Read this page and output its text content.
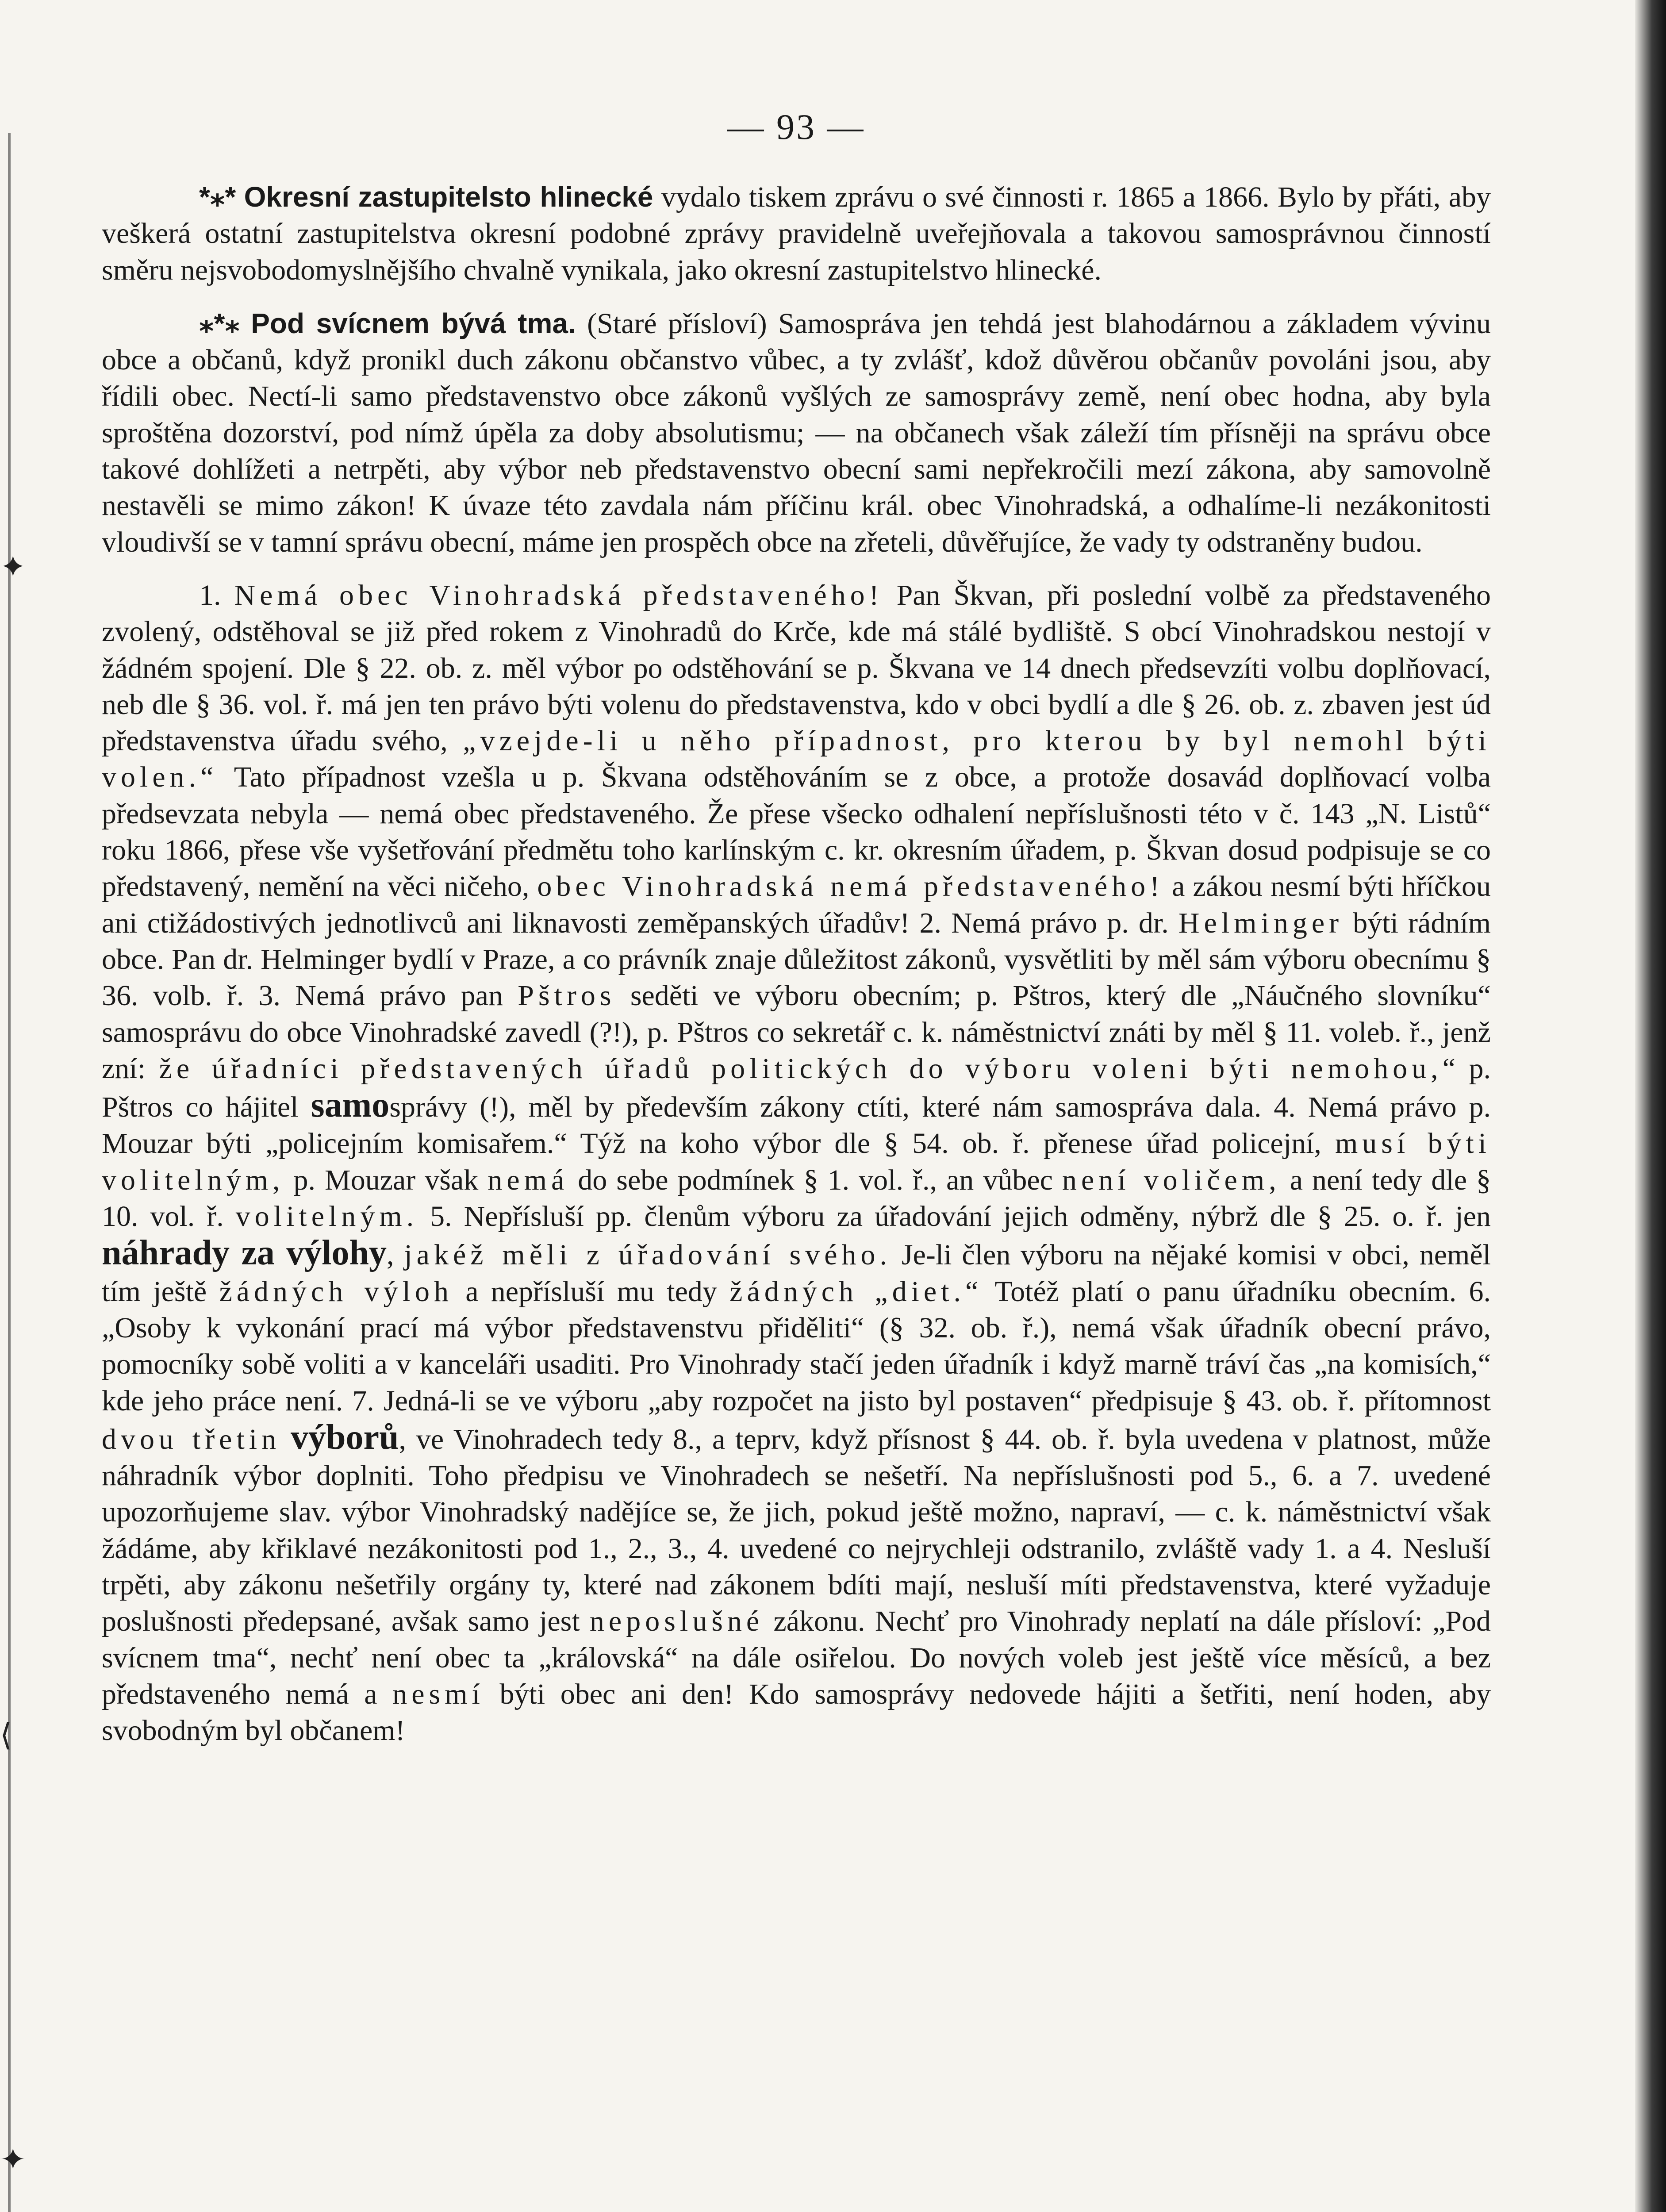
✦
⟨
✦
— 93 —

*⁎* Okresní zastupitelsto hlinecké vydalo tiskem zprávu o své činnosti r. 1865 a 1866. Bylo by přáti, aby veškerá ostatní zastupitelstva okresní podobné zprávy pravidelně uveřejňovala a takovou samosprávnou činností směru nejsvobodomyslnějšího chvalně vynikala, jako okresní zastupitelstvo hlinecké.

⁎*⁎ Pod svícnem bývá tma. (Staré přísloví) Samospráva jen tehdá jest blahodárnou a základem vývinu obce a občanů, když pronikl duch zákonu občanstvo vůbec, a ty zvlášť, kdož důvěrou občanův povoláni jsou, aby řídili obec. Nectí-li samo představenstvo obce zákonů vyšlých ze samosprávy země, není obec hodna, aby byla sproštěna dozorství, pod nímž úpěla za doby absolutismu; — na občanech však záleží tím přísněji na správu obce takové dohlížeti a netrpěti, aby výbor neb představenstvo obecní sami nepřekročili mezí zákona, aby samovolně nestavěli se mimo zákon! K úvaze této zavdala nám příčinu král. obec Vinohradská, a odhalíme-li nezákonitosti vloudivší se v tamní správu obecní, máme jen prospěch obce na zřeteli, důvěřujíce, že vady ty odstraněny budou.

1. Nemá obec Vinohradská představeného! Pan Škvan, při poslední volbě za představeného zvolený, odstěhoval se již před rokem z Vinohradů do Krče, kde má stálé bydliště. S obcí Vinohradskou nestojí v žádném spojení. Dle § 22. ob. z. měl výbor po odstěhování se p. Škvana ve 14 dnech předsevzíti volbu doplňovací, neb dle § 36. vol. ř. má jen ten právo býti volenu do představenstva, kdo v obci bydlí a dle § 26. ob. z. zbaven jest úd představenstva úřadu svého, „vzejde-li u něho případnost, pro kterou by byl nemohl býti volen.“ Tato případnost vzešla u p. Škvana odstěhováním se z obce, a protože dosavád doplňovací volba předsevzata nebyla — nemá obec představeného. Že přese všecko odhalení nepříslušnosti této v č. 143 „N. Listů“ roku 1866, přese vše vyšetřování předmětu toho karlínským c. kr. okresním úřadem, p. Škvan dosud podpisuje se co představený, nemění na věci ničeho, obec Vinohradská nemá představeného! a zákou nesmí býti hříčkou ani ctižádostivých jednotlivců ani liknavosti zeměpanských úřadův! 2. Nemá právo p. dr. Helminger býti rádním obce. Pan dr. Helminger bydlí v Praze, a co právník znaje důležitost zákonů, vysvětliti by měl sám výboru obecnímu § 36. volb. ř. 3. Nemá právo pan Pštros seděti ve výboru obecním; p. Pštros, který dle „Náučného slovníku“ samosprávu do obce Vinohradské zavedl (?!), p. Pštros co sekretář c. k. náměstnictví znáti by měl § 11. voleb. ř., jenž zní: že úřadníci představených úřadů politických do výboru voleni býti nemohou,“ p. Pštros co hájitel samosprávy (!), měl by především zákony ctíti, které nám samospráva dala. 4. Nemá právo p. Mouzar býti „policejním komisařem.“ Týž na koho výbor dle § 54. ob. ř. přenese úřad policejní, musí býti volitelným, p. Mouzar však nemá do sebe podmínek § 1. vol. ř., an vůbec není voličem, a není tedy dle § 10. vol. ř. volitelným. 5. Nepřísluší pp. členům výboru za úřadování jejich odměny, nýbrž dle § 25. o. ř. jen náhrady za výlohy, jakéž měli z úřadování svého. Je-li člen výboru na nějaké komisi v obci, neměl tím ještě žádných výloh a nepřísluší mu tedy žádných „diet.“ Totéž platí o panu úřadníku obecním. 6. „Osoby k vykonání prací má výbor představenstvu přiděliti“ (§ 32. ob. ř.), nemá však úřadník obecní právo, pomocníky sobě voliti a v kanceláři usaditi. Pro Vinohrady stačí jeden úřadník i když marně tráví čas „na komisích,“ kde jeho práce není. 7. Jedná-li se ve výboru „aby rozpočet na jisto byl postaven“ předpisuje § 43. ob. ř. přítomnost dvou třetin výborů, ve Vinohradech tedy 8., a teprv, když přísnost § 44. ob. ř. byla uvedena v platnost, může náhradník výbor doplniti. Toho předpisu ve Vinohradech se nešetří. Na nepříslušnosti pod 5., 6. a 7. uvedené upozorňujeme slav. výbor Vinohradský nadějíce se, že jich, pokud ještě možno, napraví, — c. k. náměstnictví však žádáme, aby křiklavé nezákonitosti pod 1., 2., 3., 4. uvedené co nejrychleji odstranilo, zvláště vady 1. a 4. Nesluší trpěti, aby zákonu nešetřily orgány ty, které nad zákonem bdíti mají, nesluší míti představenstva, které vyžaduje poslušnosti předepsané, avšak samo jest neposlušné zákonu. Nechť pro Vinohrady neplatí na dále přísloví: „Pod svícnem tma“, nechť není obec ta „královská“ na dále osiřelou. Do nových voleb jest ještě více měsíců, a bez představeného nemá a nesmí býti obec ani den! Kdo samosprávy nedovede hájiti a šetřiti, není hoden, aby svobodným byl občanem!
